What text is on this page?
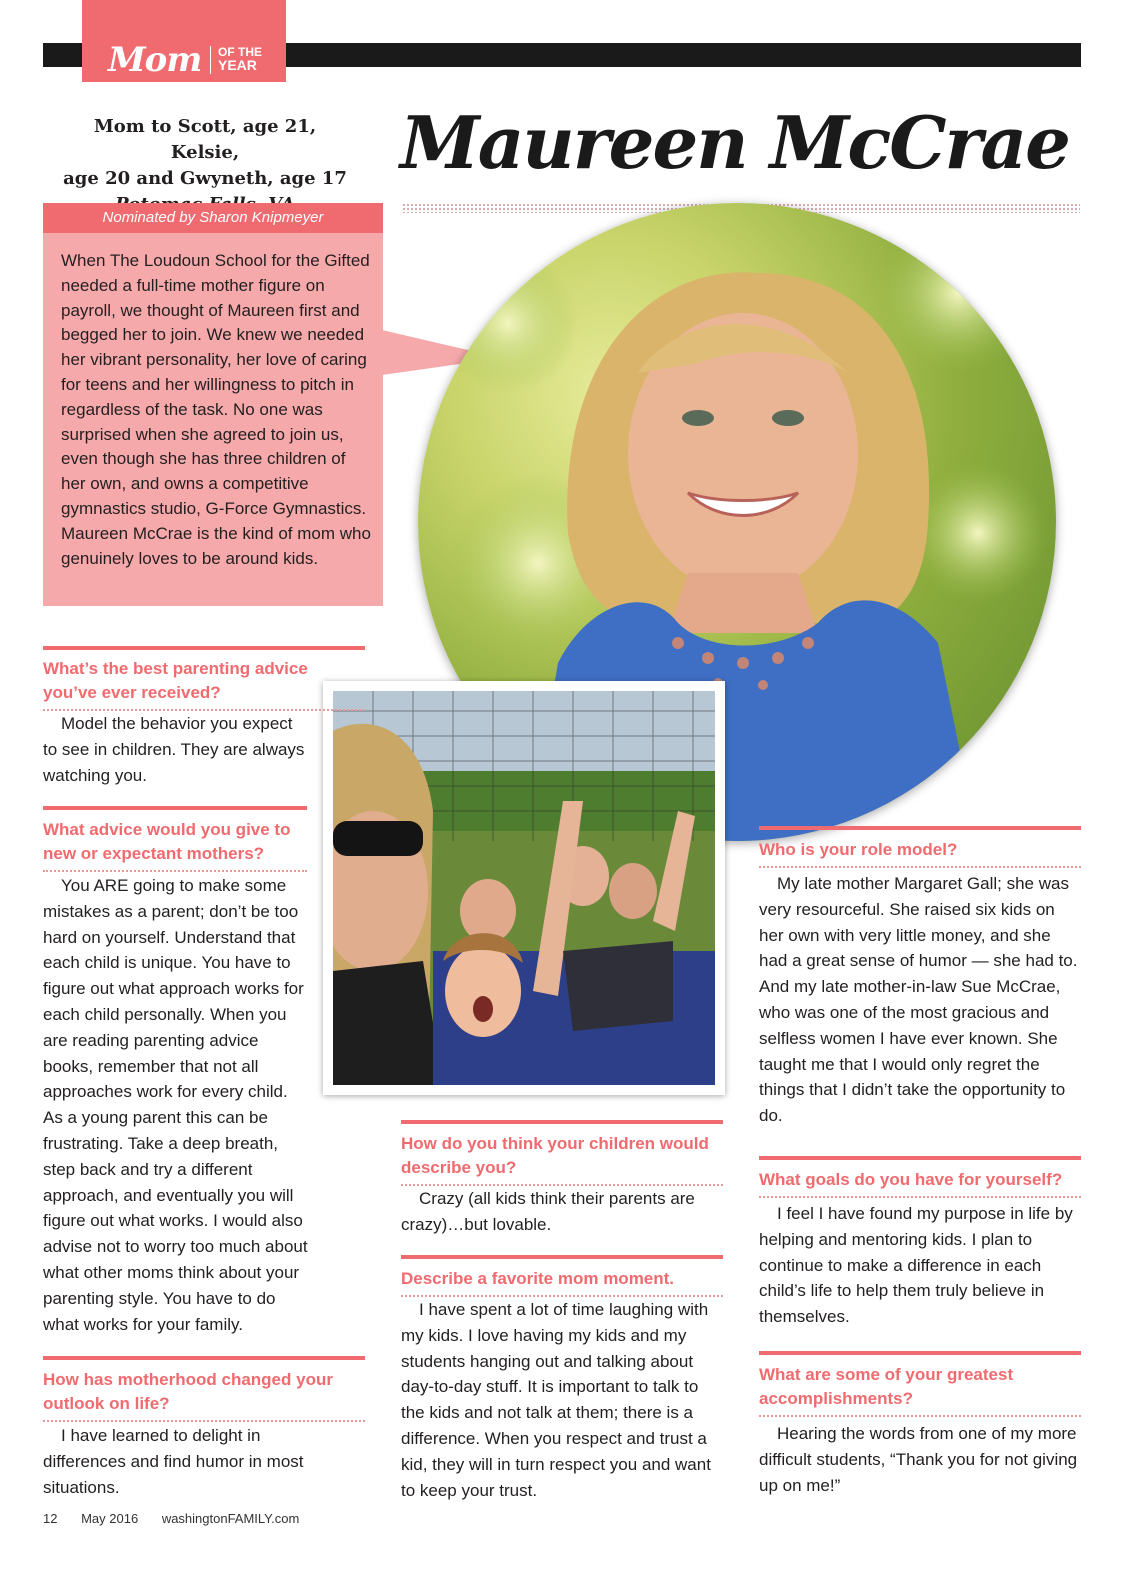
Mom OF THE
YEAR
Mom to Scott, age 21, Kelsie,
age 20 and Gwyneth, age 17 Maureen McCrae
Nominated by Sharon Knipmeyer
When The Loudoun School for the Gifted needed a full-time mother figure on payroll, we thought of Maureen first and begged her to join. We knew we needed her vibrant personality, her love of caring for teens and her willingness to pitch in regardless of the task. No one was surprised when she agreed to join us, even though she has three children of her own, and owns a competitive gymnastics studio, G-Force Gymnastics. Maureen McCrae is the kind of mom who genuinely loves to be around kids.
What’s the best parenting advice you’ve ever received?
Model the behavior you expect to see in children. They are always watching you.
What advice would you give to new or expectant mothers?
You ARE going to make some mistakes as a parent; don’t be too hard on yourself. Understand that each child is unique. You have to figure out what approach works for each child personally. When you are reading parenting advice books, remember that not all approaches work for every child. As a young parent this can be frustrating. Take a deep breath, step back and try a different approach, and eventually you will figure out what works. I would also advise not to worry too much about what other moms think about your parenting style. You have to do what works for your family.
How has motherhood changed your outlook on life?
I have learned to delight in differences and find humor in most situations.
How do you think your children would describe you?
Crazy (all kids think their parents are crazy)…but lovable.
Describe a favorite mom moment.
I have spent a lot of time laughing with my kids. I love having my kids and my students hanging out and talking about day-to-day stuff. It is important to talk to the kids and not talk at them; there is a difference. When you respect and trust a kid, they will in turn respect you and want to keep your trust.
Who is your role model?
My late mother Margaret Gall; she was very resourceful. She raised six kids on her own with very little money, and she had a great sense of humor — she had to. And my late mother-in-law Sue McCrae, who was one of the most gracious and selfless women I have ever known. She taught me that I would only regret the things that I didn’t take the opportunity to do.
What goals do you have for yourself?
I feel I have found my purpose in life by helping and mentoring kids. I plan to continue to make a difference in each child’s life to help them truly believe in themselves.
What are some of your greatest accomplishments?
Hearing the words from one of my more difficult students, “Thank you for not giving up on me!”
12 May 2016 washingtonFAMILY.com
